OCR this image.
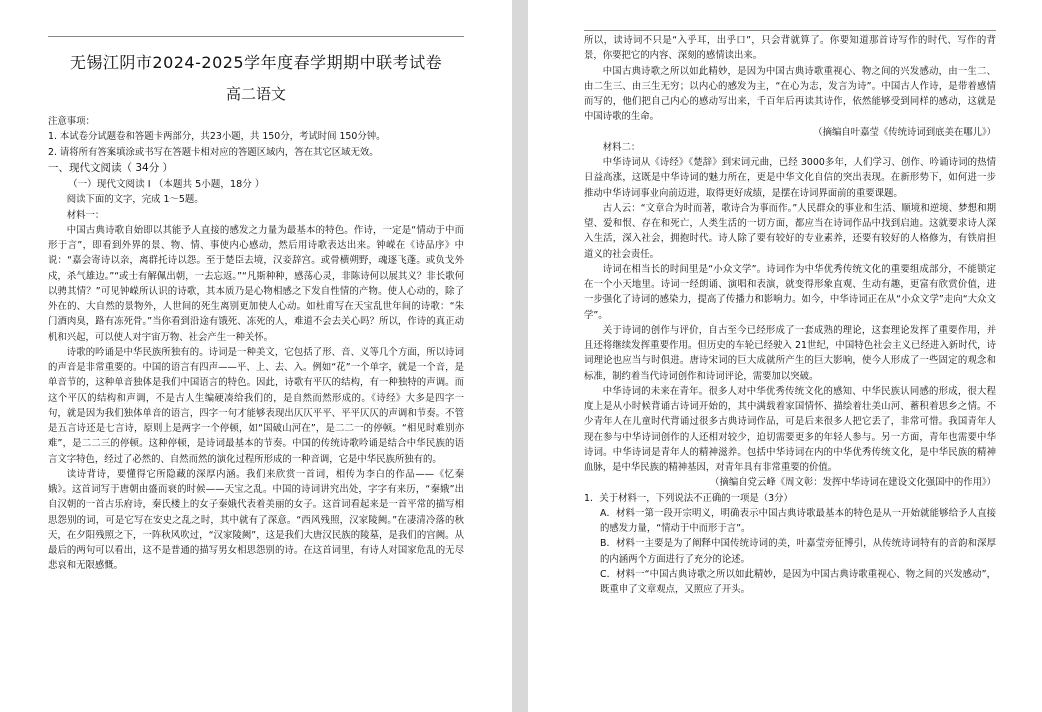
无锡江阴市2024-2025学年度春学期期中联考试卷
高二语文

注意事项：

1. 本试卷分试题卷和答题卡两部分，共23小题，共 150分，考试时间 150分钟。

2. 请将所有答案填涂或书写在答题卡相对应的答题区域内，答在其它区域无效。

一、现代文阅读（ 34分 ）

（一）现代文阅读 I （本题共 5小题，18分 ）

阅读下面的文字，完成 1～5题。

材料一：

中国古典诗歌自始即以其能予人直接的感发之力量为最基本的特色。作诗，一定是“情动于中而形于言”，即看到外界的景、物、情、事使内心感动，然后用诗歌表达出来。钟嵘在《诗品序》中说：“嘉会寄诗以亲，离群托诗以怨。至于楚臣去境，汉妾辞宫。或骨横朔野，魂逐飞蓬。或负戈外戍，杀气雄边。”“或士有解佩出朝，一去忘返。”“凡斯种种，感荡心灵，非陈诗何以展其义？非长歌何以骋其情？”可见钟嵘所认识的诗歌，其本质乃是心物相感之下发自性情的产物。使人心动的，除了外在的、大自然的景物外，人世间的死生离别更加使人心动。如杜甫写在天宝乱世年间的诗歌：“朱门酒肉臭，路有冻死骨。”当你看到沿途有饿死、冻死的人，难道不会去关心吗？所以，作诗的真正动机和兴起，可以使人对宇宙万物、社会产生一种关怀。

诗歌的吟诵是中华民族所独有的。诗词是一种美文，它包括了形、音、义等几个方面，所以诗词的声音是非常重要的。中国的语言有四声——平、上、去、入。例如“花”一个单字，就是一个音，是单音节的，这种单音独体是我们中国语言的特色。因此，诗歌有平仄的结构，有一种独特的声调。而这个平仄的结构和声调，不是古人生编硬凑给我们的，是自然而然形成的。《诗经》大多是四字一句，就是因为我们独体单音的语言，四字一句才能够表现出仄仄平平、平平仄仄的声调和节奏。不管是五言诗还是七言诗，原则上是两字一个停顿，如“国破山河在”，是二二一的停顿。“相见时难别亦难”，是二二三的停顿。这种停顿，是诗词最基本的节奏。中国的传统诗歌吟诵是结合中华民族的语言文字特色，经过了必然的、自然而然的演化过程所形成的一种音调，它是中华民族所独有的。

读诗背诗，要懂得它所隐藏的深厚内涵。我们来欣赏一首词，相传为李白的作品——《忆秦娥》。这首词写于唐朝由盛而衰的时候——天宝之乱。中国的诗词讲究出处，字字有来历，“秦娥”出自汉朝的一首古乐府诗，秦氏楼上的女子秦娥代表着美丽的女子。这首词看起来是一首平常的描写相思怨别的词，可是它写在安史之乱之时，其中就有了深意。“西风残照，汉家陵阙。”在凄清冷落的秋天，在夕阳残照之下，一阵秋风吹过，“汉家陵阙”，这是我们大唐汉民族的陵墓，是我们的宫阙。从最后的两句可以看出，这不是普通的描写男女相思怨别的诗。在这首词里，有诗人对国家危乱的无尽悲哀和无限感慨。

所以，读诗词不只是“入乎耳，出乎口”，只会背就算了。你要知道那首诗写作的时代、写作的背景，你要把它的内容、深刻的感情读出来。

中国古典诗歌之所以如此精妙，是因为中国古典诗歌重视心、物之间的兴发感动，由一生二、由二生三、由三生无穷；以内心的感发为主，“在心为志，发言为诗”。中国古人作诗，是带着感情而写的，他们把自己内心的感动写出来，千百年后再读其诗作，依然能够受到同样的感动，这就是中国诗歌的生命。

（摘编自叶嘉莹《传统诗词到底美在哪儿》）

材料二：

中华诗词从《诗经》《楚辞》到宋词元曲，已经 3000多年，人们学习、创作、吟诵诗词的热情日益高涨，这既是中华诗词的魅力所在，更是中华文化自信的突出表现。在新形势下，如何进一步推动中华诗词事业向前迈进，取得更好成绩，是摆在诗词界面前的重要课题。

古人云：“文章合为时而著，歌诗合为事而作。”人民群众的事业和生活、顺境和逆境、梦想和期望、爱和恨、存在和死亡，人类生活的一切方面，都应当在诗词作品中找到启迪。这就要求诗人深入生活，深入社会，拥抱时代。诗人除了要有较好的专业素养，还要有较好的人格修为，有铁肩担道义的社会责任。

诗词在相当长的时间里是“小众文学”。诗词作为中华优秀传统文化的重要组成部分，不能锁定在一个小天地里。诗词一经朗诵、演唱和表演，就变得形象直观、生动有趣，更富有欣赏价值，进一步强化了诗词的感染力，提高了传播力和影响力。如今，中华诗词正在从“小众文学”走向“大众文学”。

关于诗词的创作与评价，自古至今已经形成了一套成熟的理论，这套理论发挥了重要作用，并且还将继续发挥重要作用。但历史的车轮已经驶入 21世纪，中国特色社会主义已经进入新时代，诗词理论也应当与时俱进。唐诗宋词的巨大成就所产生的巨大影响，使今人形成了一些固定的观念和标准，制约着当代诗词创作和诗词评论，需要加以突破。

中华诗词的未来在青年。很多人对中华优秀传统文化的感知、中华民族认同感的形成，很大程度上是从小时候背诵古诗词开始的，其中满载着家国情怀、描绘着壮美山河、蓄积着思乡之情。不少青年人在儿童时代背诵过很多古典诗词作品，可是后来很多人把它丢了，非常可惜。我国青年人现在参与中华诗词创作的人还相对较少，迫切需要更多的年轻人参与。另一方面，青年也需要中华诗词。中华诗词是青年人的精神滋养。包括中华诗词在内的中华优秀传统文化，是中华民族的精神血脉，是中华民族的精神基因，对青年具有非常重要的价值。

（摘编自党云峰《周文彰：发挥中华诗词在建设文化强国中的作用》）

1．关于材料一，下列说法不正确的一项是（3分）

A．材料一第一段开宗明义，明确表示中国古典诗歌最基本的特色是从一开始就能够给予人直接的感发力量，“情动于中而形于言”。

B．材料一主要是为了阐释中国传统诗词的美，叶嘉莹旁征博引，从传统诗词特有的音韵和深厚的内涵两个方面进行了充分的论述。

C．材料一“中国古典诗歌之所以如此精妙，是因为中国古典诗歌重视心、物之间的兴发感动”，既重申了文章观点，又照应了开头。
